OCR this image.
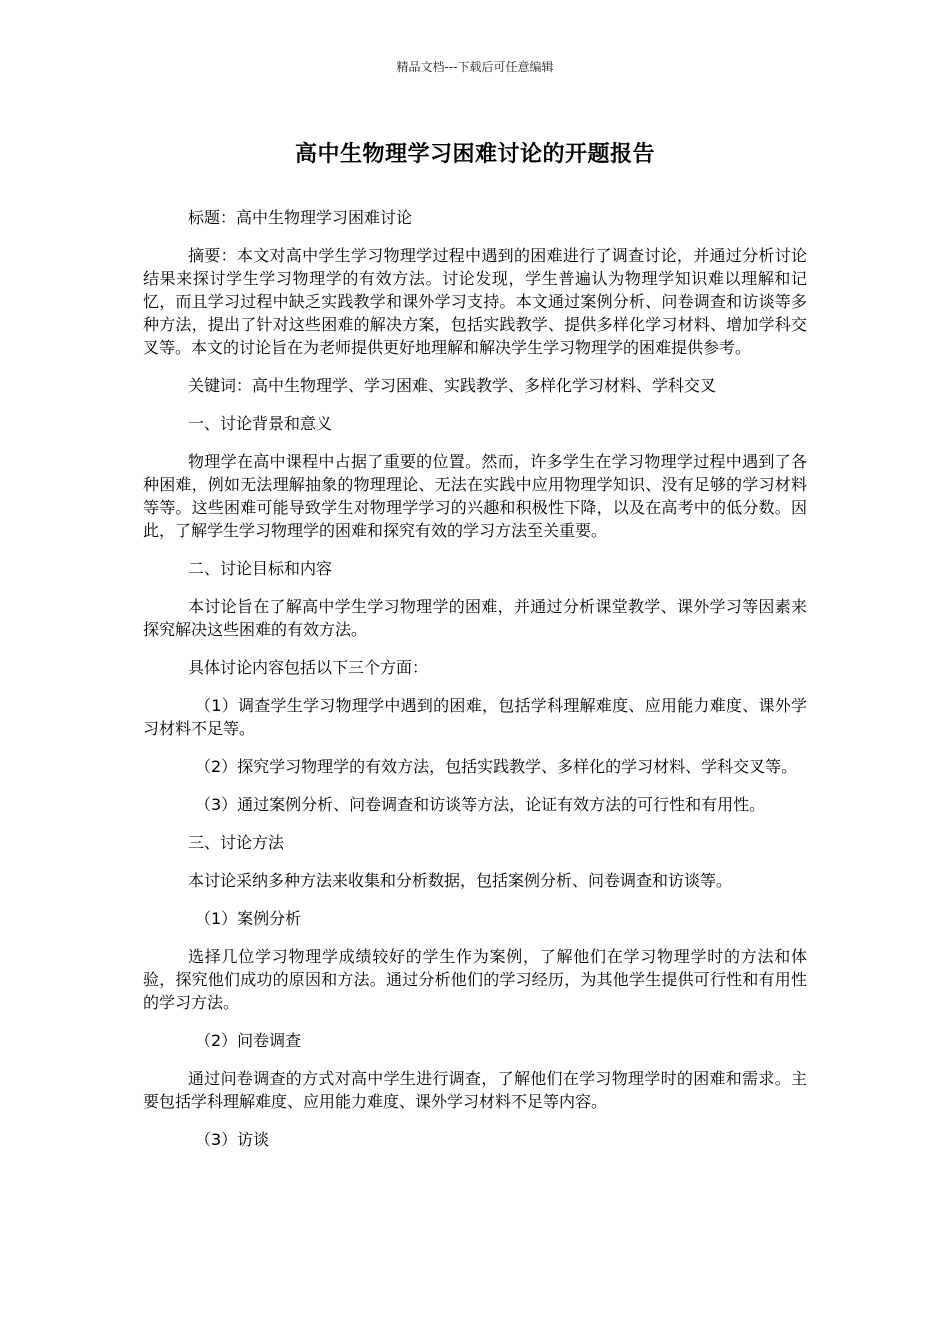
精品文档---下载后可任意编辑
高中生物理学习困难讨论的开题报告

标题：高中生物理学习困难讨论

摘要：本文对高中学生学习物理学过程中遇到的困难进行了调查讨论，并通过分析讨论结果来探讨学生学习物理学的有效方法。讨论发现，学生普遍认为物理学知识难以理解和记忆，而且学习过程中缺乏实践教学和课外学习支持。本文通过案例分析、问卷调查和访谈等多种方法，提出了针对这些困难的解决方案，包括实践教学、提供多样化学习材料、增加学科交叉等。本文的讨论旨在为老师提供更好地理解和解决学生学习物理学的困难提供参考。

关键词：高中生物理学、学习困难、实践教学、多样化学习材料、学科交叉

一、讨论背景和意义

物理学在高中课程中占据了重要的位置。然而，许多学生在学习物理学过程中遇到了各种困难，例如无法理解抽象的物理理论、无法在实践中应用物理学知识、没有足够的学习材料等等。这些困难可能导致学生对物理学学习的兴趣和积极性下降，以及在高考中的低分数。因此，了解学生学习物理学的困难和探究有效的学习方法至关重要。

二、讨论目标和内容

本讨论旨在了解高中学生学习物理学的困难，并通过分析课堂教学、课外学习等因素来探究解决这些困难的有效方法。

具体讨论内容包括以下三个方面：

（1）调查学生学习物理学中遇到的困难，包括学科理解难度、应用能力难度、课外学习材料不足等。

（2）探究学习物理学的有效方法，包括实践教学、多样化的学习材料、学科交叉等。

（3）通过案例分析、问卷调查和访谈等方法，论证有效方法的可行性和有用性。

三、讨论方法

本讨论采纳多种方法来收集和分析数据，包括案例分析、问卷调查和访谈等。

（1）案例分析

选择几位学习物理学成绩较好的学生作为案例，了解他们在学习物理学时的方法和体验，探究他们成功的原因和方法。通过分析他们的学习经历，为其他学生提供可行性和有用性的学习方法。

（2）问卷调查

通过问卷调查的方式对高中学生进行调查，了解他们在学习物理学时的困难和需求。主要包括学科理解难度、应用能力难度、课外学习材料不足等内容。

（3）访谈
